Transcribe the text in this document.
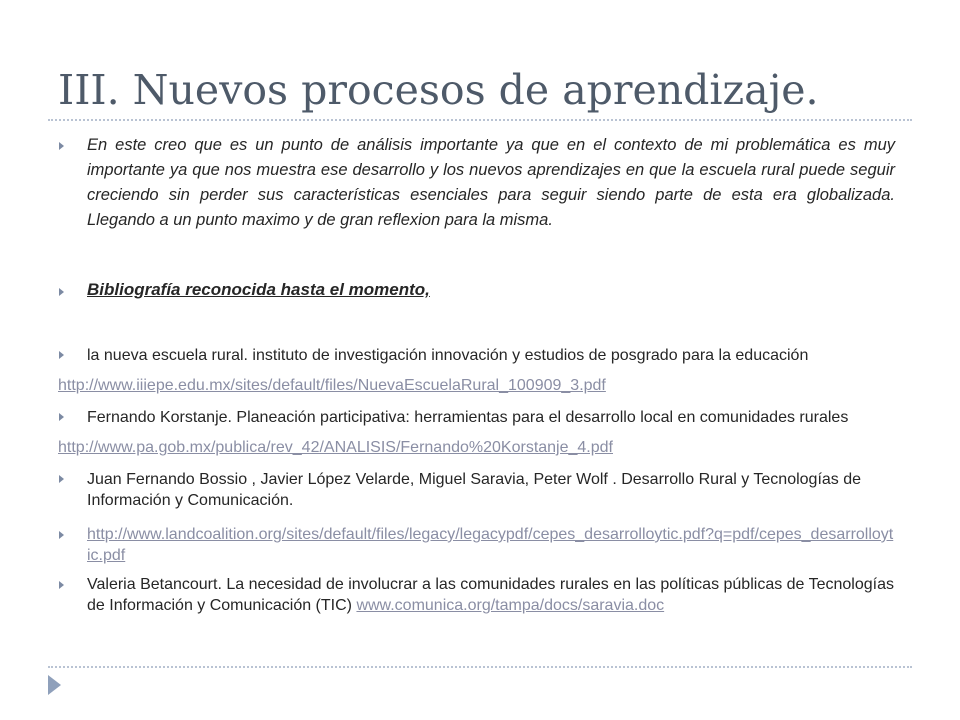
III. Nuevos procesos de aprendizaje.
En este creo que es un punto de análisis importante ya que en el contexto de mi problemática es muy importante ya que nos muestra ese desarrollo y los nuevos aprendizajes en que la escuela rural puede seguir creciendo sin perder sus características esenciales para seguir siendo parte de esta era globalizada. Llegando a un punto maximo y de gran reflexion para la misma.
Bibliografía reconocida hasta el momento,
la nueva escuela rural. instituto de investigación innovación y estudios de posgrado para la educación
http://www.iiiepe.edu.mx/sites/default/files/NuevaEscuelaRural_100909_3.pdf
Fernando Korstanje. Planeación participativa: herramientas para el desarrollo local en comunidades rurales
http://www.pa.gob.mx/publica/rev_42/ANALISIS/Fernando%20Korstanje_4.pdf
Juan Fernando Bossio , Javier López Velarde, Miguel Saravia, Peter Wolf . Desarrollo Rural y Tecnologías de Información y Comunicación.
http://www.landcoalition.org/sites/default/files/legacy/legacypdf/cepes_desarrolloytic.pdf?q=pdf/cepes_desarrolloytic.pdf
Valeria Betancourt. La necesidad de involucrar a las comunidades rurales en las políticas públicas de Tecnologías de Información y Comunicación (TIC) www.comunica.org/tampa/docs/saravia.doc
